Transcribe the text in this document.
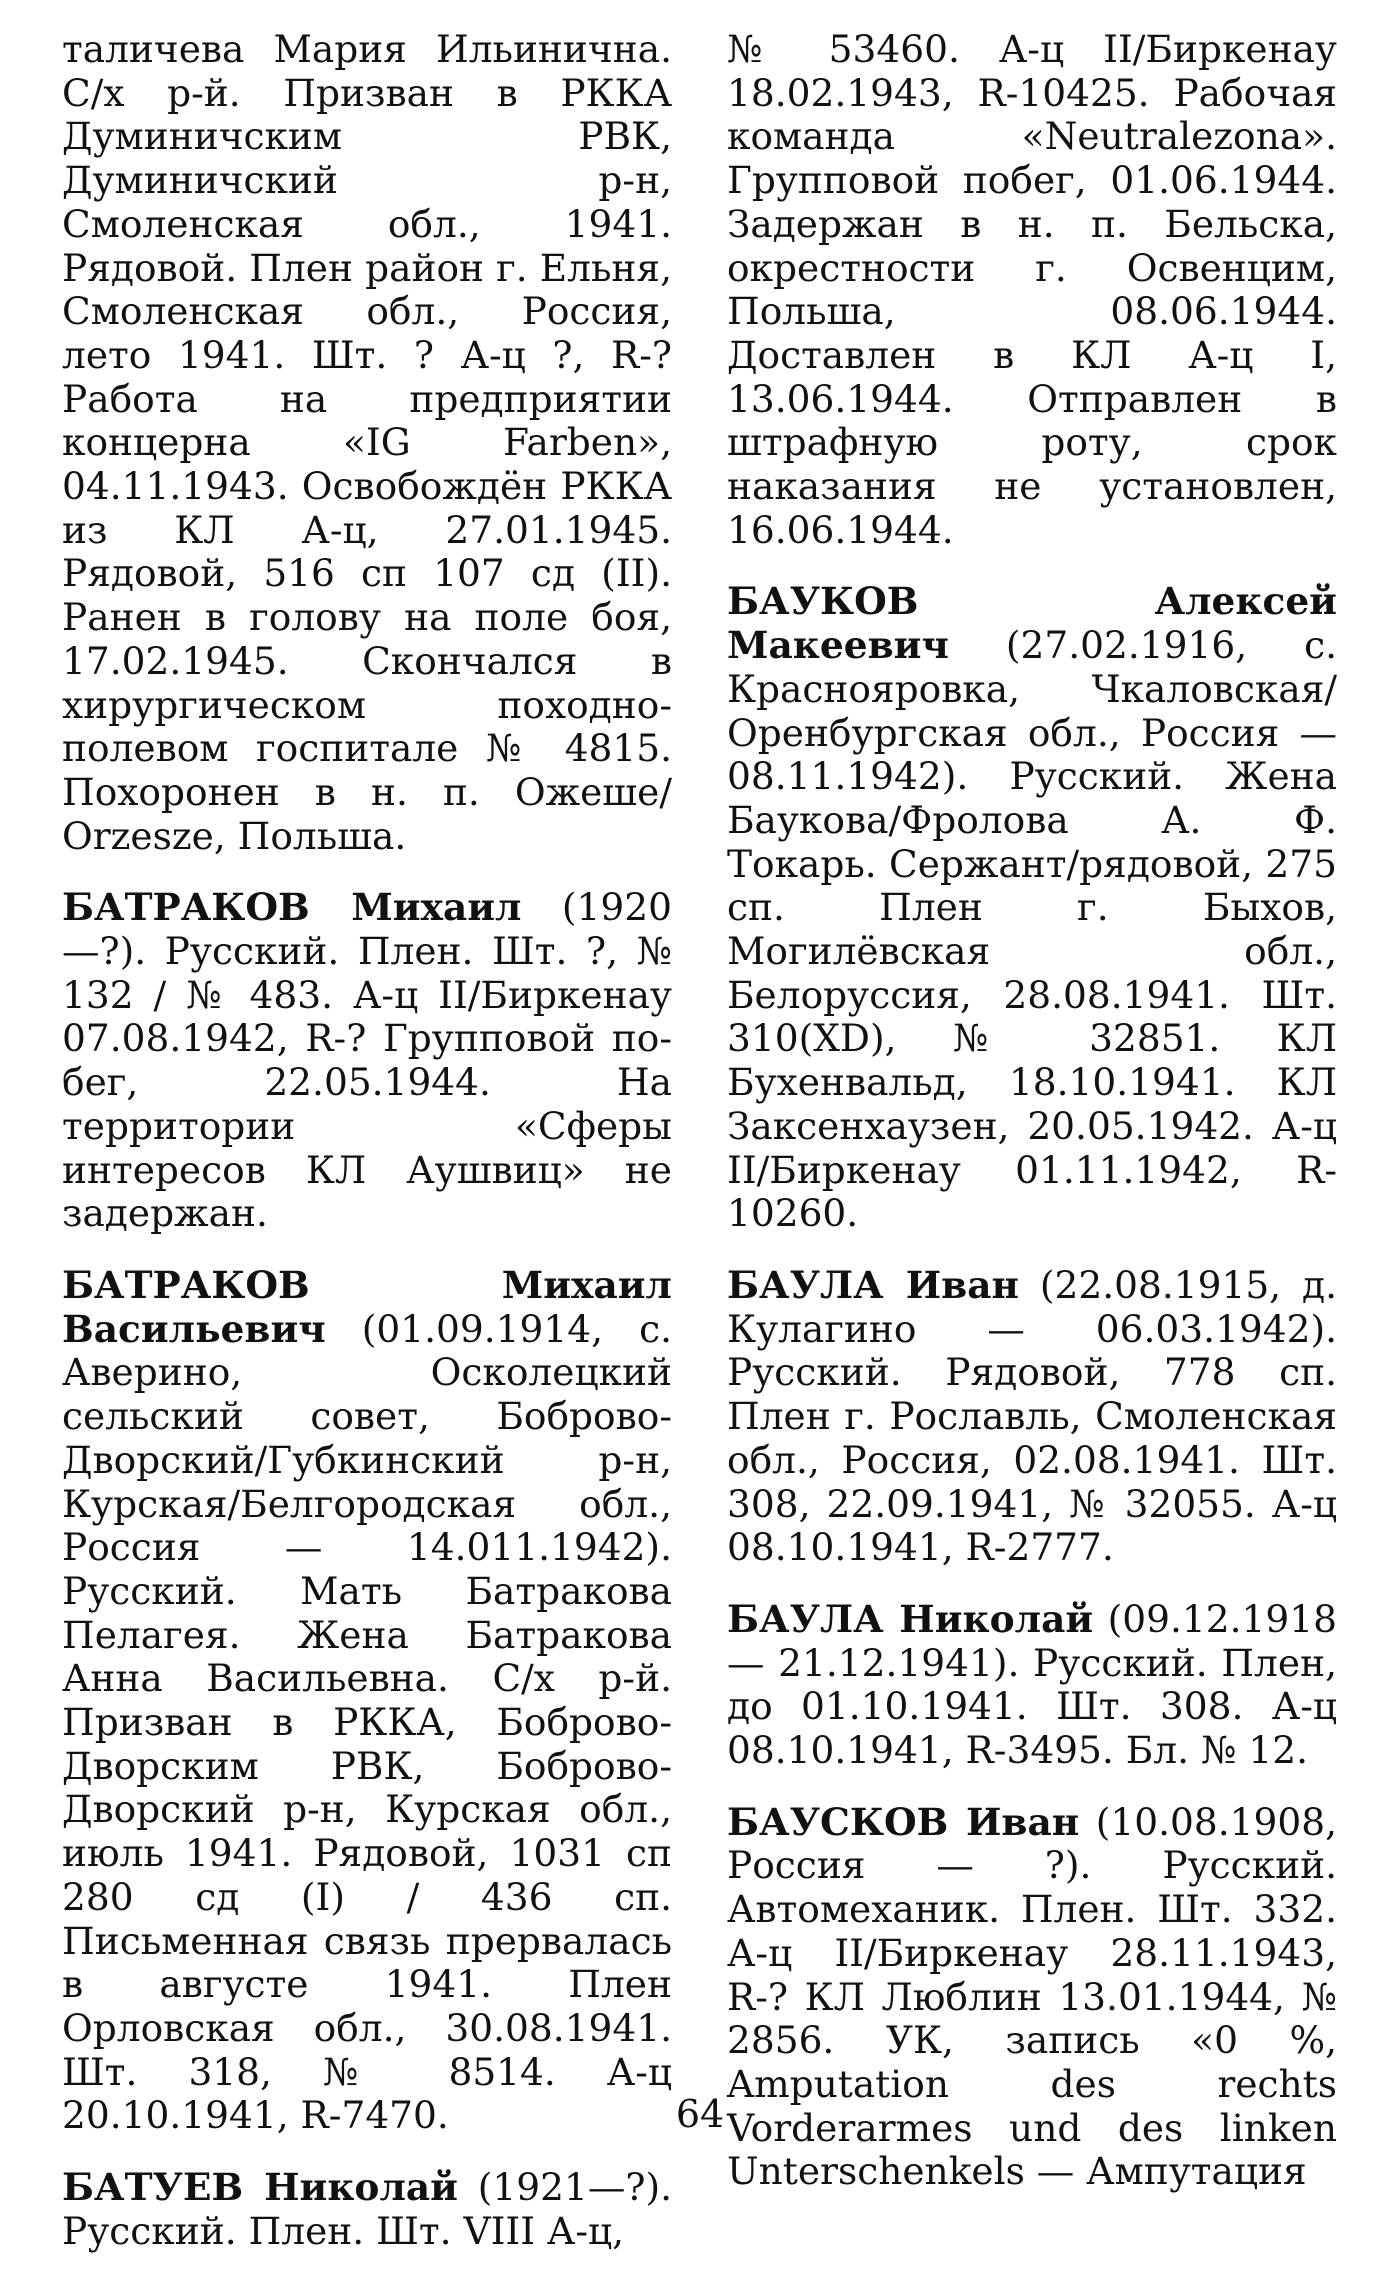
таличева Мария Ильинична. С/х р-й. Призван в РККА Думиничским РВК, Думиничский р-н, Смоленская обл., 1941. Рядовой. Плен район г. Ельня, Смоленская обл., Россия, лето 1941. Шт. ? А-ц ?, R-? Работа на предприятии концерна «IG Farben», 04.11.1943. Освобождён РККА из КЛ А-ц, 27.01.1945. Рядовой, 516 сп 107 сд (II). Ранен в голову на поле боя, 17.02.1945. Скончался в хирургическом походно-полевом госпитале № 4815. Похоронен в н. п. Ожеше/ Orzesze, Польша.

БАТРАКОВ Михаил (1920—?). Русский. Плен. Шт. ?, № 132 / № 483. А-ц II/Биркенау 07.08.1942, R-? Групповой побег, 22.05.1944. На территории «Сферы интересов КЛ Аушвиц» не задержан.

БАТРАКОВ Михаил Васильевич (01.09.1914, с. Аверино, Осколецкий сельский совет, Боброво-Дворский/Губкинский р-н, Курская/Белгородская обл., Россия — 14.011.1942). Русский. Мать Батракова Пелагея. Жена Батракова Анна Васильевна. С/х р-й. Призван в РККА, Боброво-Дворским РВК, Боброво-Дворский р-н, Курская обл., июль 1941. Рядовой, 1031 сп 280 сд (I) / 436 сп. Письменная связь прервалась в августе 1941. Плен Орловская обл., 30.08.1941. Шт. 318, № 8514. А-ц 20.10.1941, R-7470.

БАТУЕВ Николай (1921—?). Русский. Плен. Шт. VIII А-ц,

№ 53460. А-ц II/Биркенау 18.02.1943, R-10425. Рабочая команда «Neutralezona». Групповой побег, 01.06.1944. Задержан в н. п. Бельска, окрестности г. Освенцим, Польша, 08.06.1944. Доставлен в КЛ А-ц I, 13.06.1944. Отправлен в штрафную роту, срок наказания не установлен, 16.06.1944.

БАУКОВ Алексей Макеевич (27.02.1916, с. Краснояровка, Чкаловская/Оренбургская обл., Россия — 08.11.1942). Русский. Жена Баукова/Фролова А. Ф. Токарь. Сержант/рядовой, 275 сп. Плен г. Быхов, Могилёвская обл., Белоруссия, 28.08.1941. Шт. 310(XD), № 32851. КЛ Бухенвальд, 18.10.1941. КЛ Заксенхаузен, 20.05.1942. А-ц II/Биркенау 01.11.1942, R-10260.

БАУЛА Иван (22.08.1915, д. Кулагино — 06.03.1942). Русский. Рядовой, 778 сп. Плен г. Рославль, Смоленская обл., Россия, 02.08.1941. Шт. 308, 22.09.1941, № 32055. А-ц 08.10.1941, R-2777.

БАУЛА Николай (09.12.1918 — 21.12.1941). Русский. Плен, до 01.10.1941. Шт. 308. А-ц 08.10.1941, R-3495. Бл. № 12.

БАУСКОВ Иван (10.08.1908, Россия — ?). Русский. Автомеханик. Плен. Шт. 332. А-ц II/Биркенау 28.11.1943, R-? КЛ Люблин 13.01.1944, № 2856. УК, запись «0 %, Amputation des rechts Vorderarmes und des linken Unterschenkels — Ампутация

64
